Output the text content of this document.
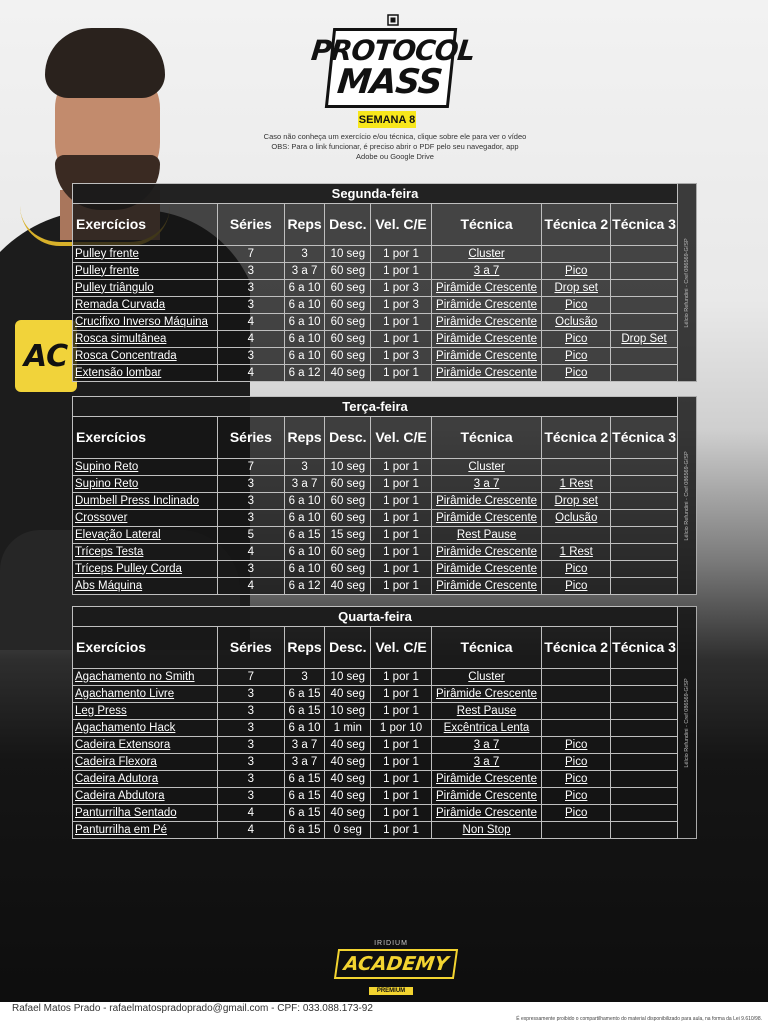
AC
PROTOCOL
MASS
SEMANA 8
Caso não conheça um exercício e/ou técnica, clique sobre ele para ver o vídeo
OBS: Para o link funcionar, é preciso abrir o PDF pelo seu navegador, app Adobe ou Google Drive
Segunda-feira							
Exercícios	Séries	Reps	Desc.	Vel. C/E	Técnica	Técnica 2	Técnica 3
Pulley frente	7	3	10 seg	1 por 1	Cluster		
Pulley frente	3	3 a 7	60 seg	1 por 1	3 a 7	Pico	
Pulley triângulo	3	6 a 10	60 seg	1 por 3	Pirâmide Crescente	Drop set	
Remada Curvada	3	6 a 10	60 seg	1 por 3	Pirâmide Crescente	Pico	
Crucifixo Inverso Máquina	4	6 a 10	60 seg	1 por 1	Pirâmide Crescente	Oclusão	
Rosca simultânea	4	6 a 10	60 seg	1 por 1	Pirâmide Crescente	Pico	Drop Set
Rosca Concentrada	3	6 a 10	60 seg	1 por 3	Pirâmide Crescente	Pico	
Extensão lombar	4	6 a 12	40 seg	1 por 1	Pirâmide Crescente	Pico	
Lélcio Refundini - Cref 086569-G/SP
Terça-feira							
Exercícios	Séries	Reps	Desc.	Vel. C/E	Técnica	Técnica 2	Técnica 3
Supino Reto	7	3	10 seg	1 por 1	Cluster		
Supino Reto	3	3 a 7	60 seg	1 por 1	3 a 7	1 Rest	
Dumbell Press Inclinado	3	6 a 10	60 seg	1 por 1	Pirâmide Crescente	Drop set	
Crossover	3	6 a 10	60 seg	1 por 1	Pirâmide Crescente	Oclusão	
Elevação Lateral	5	6 a 15	15 seg	1 por 1	Rest Pause		
Tríceps Testa	4	6 a 10	60 seg	1 por 1	Pirâmide Crescente	1 Rest	
Tríceps Pulley Corda	3	6 a 10	60 seg	1 por 1	Pirâmide Crescente	Pico	
Abs Máquina	4	6 a 12	40 seg	1 por 1	Pirâmide Crescente	Pico	
Lélcio Refundini - Cref 086569-G/SP
Quarta-feira							
Exercícios	Séries	Reps	Desc.	Vel. C/E	Técnica	Técnica 2	Técnica 3
Agachamento no Smith	7	3	10 seg	1 por 1	Cluster		
Agachamento Livre	3	6 a 15	40 seg	1 por 1	Pirâmide Crescente		
Leg Press	3	6 a 15	10 seg	1 por 1	Rest Pause		
Agachamento Hack	3	6 a 10	1 min	1 por 10	Excêntrica Lenta		
Cadeira Extensora	3	3 a 7	40 seg	1 por 1	3 a 7	Pico	
Cadeira Flexora	3	3 a 7	40 seg	1 por 1	3 a 7	Pico	
Cadeira Adutora	3	6 a 15	40 seg	1 por 1	Pirâmide Crescente	Pico	
Cadeira Abdutora	3	6 a 15	40 seg	1 por 1	Pirâmide Crescente	Pico	
Panturrilha Sentado	4	6 a 15	40 seg	1 por 1	Pirâmide Crescente	Pico	
Panturrilha em Pé	4	6 a 15	0 seg	1 por 1	Non Stop		
Lélcio Refundini - Cref 086569-G/SP
IRIDIUM
ACADEMY
PREMIUM
Rafael Matos Prado - rafaelmatospradoprado@gmail.com - CPF: 033.088.173-92
É expressamente proibido o compartilhamento do material disponibilizado para aula, na forma da Lei 9.610/98.
